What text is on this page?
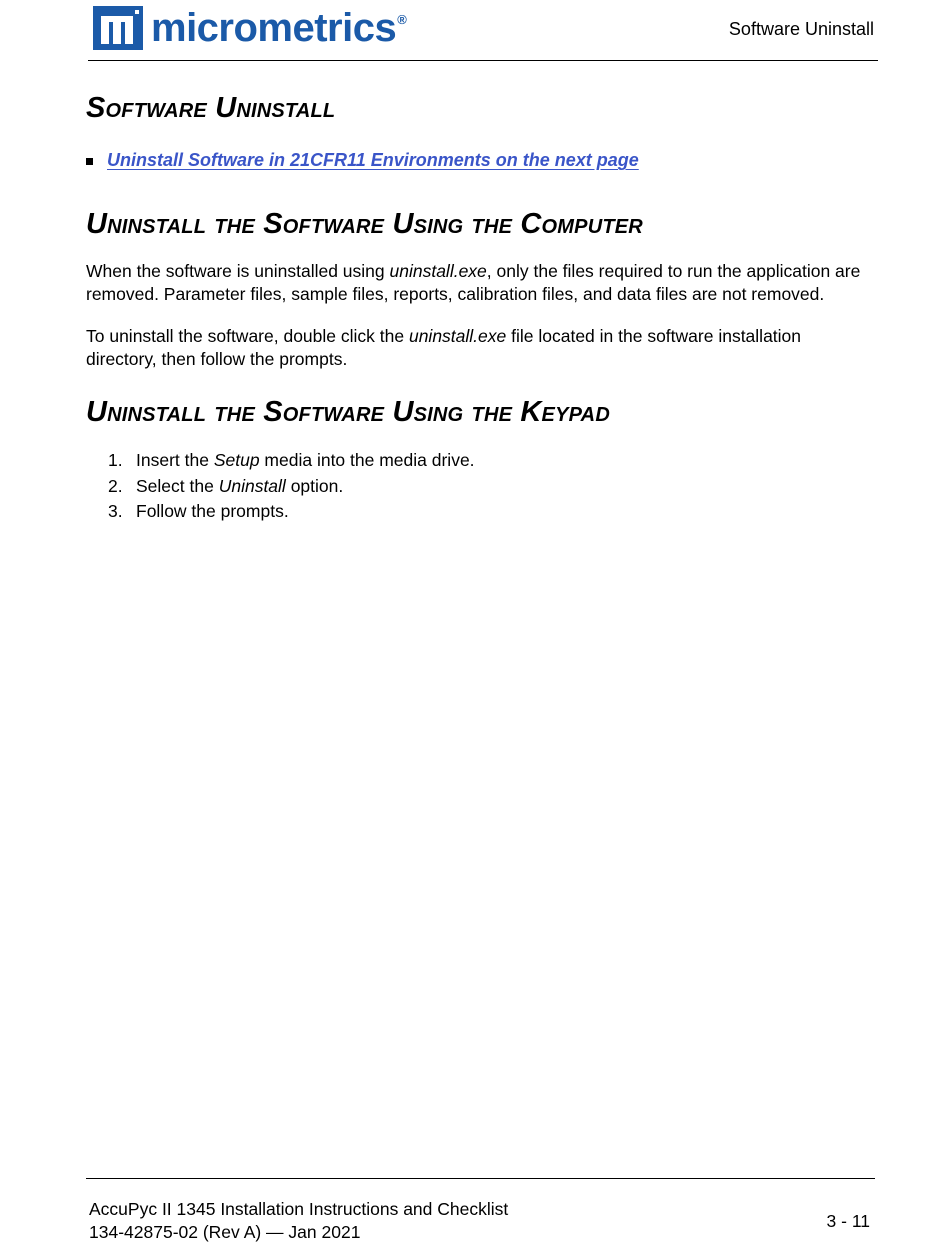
micrometrics®	Software Uninstall
Software Uninstall
Uninstall Software in 21CFR11 Environments on the next page
Uninstall the Software Using the Computer

When the software is uninstalled using uninstall.exe, only the files required to run the application are removed. Parameter files, sample files, reports, calibration files, and data files are not removed.

To uninstall the software, double click the uninstall.exe file located in the software installation directory, then follow the prompts.

Uninstall the Software Using the Keypad
1. Insert the Setup media into the media drive.
2. Select the Uninstall option.
3. Follow the prompts.
AccuPyc II 1345 Installation Instructions and Checklist
134-42875-02 (Rev A) — Jan 2021
3 - 11
